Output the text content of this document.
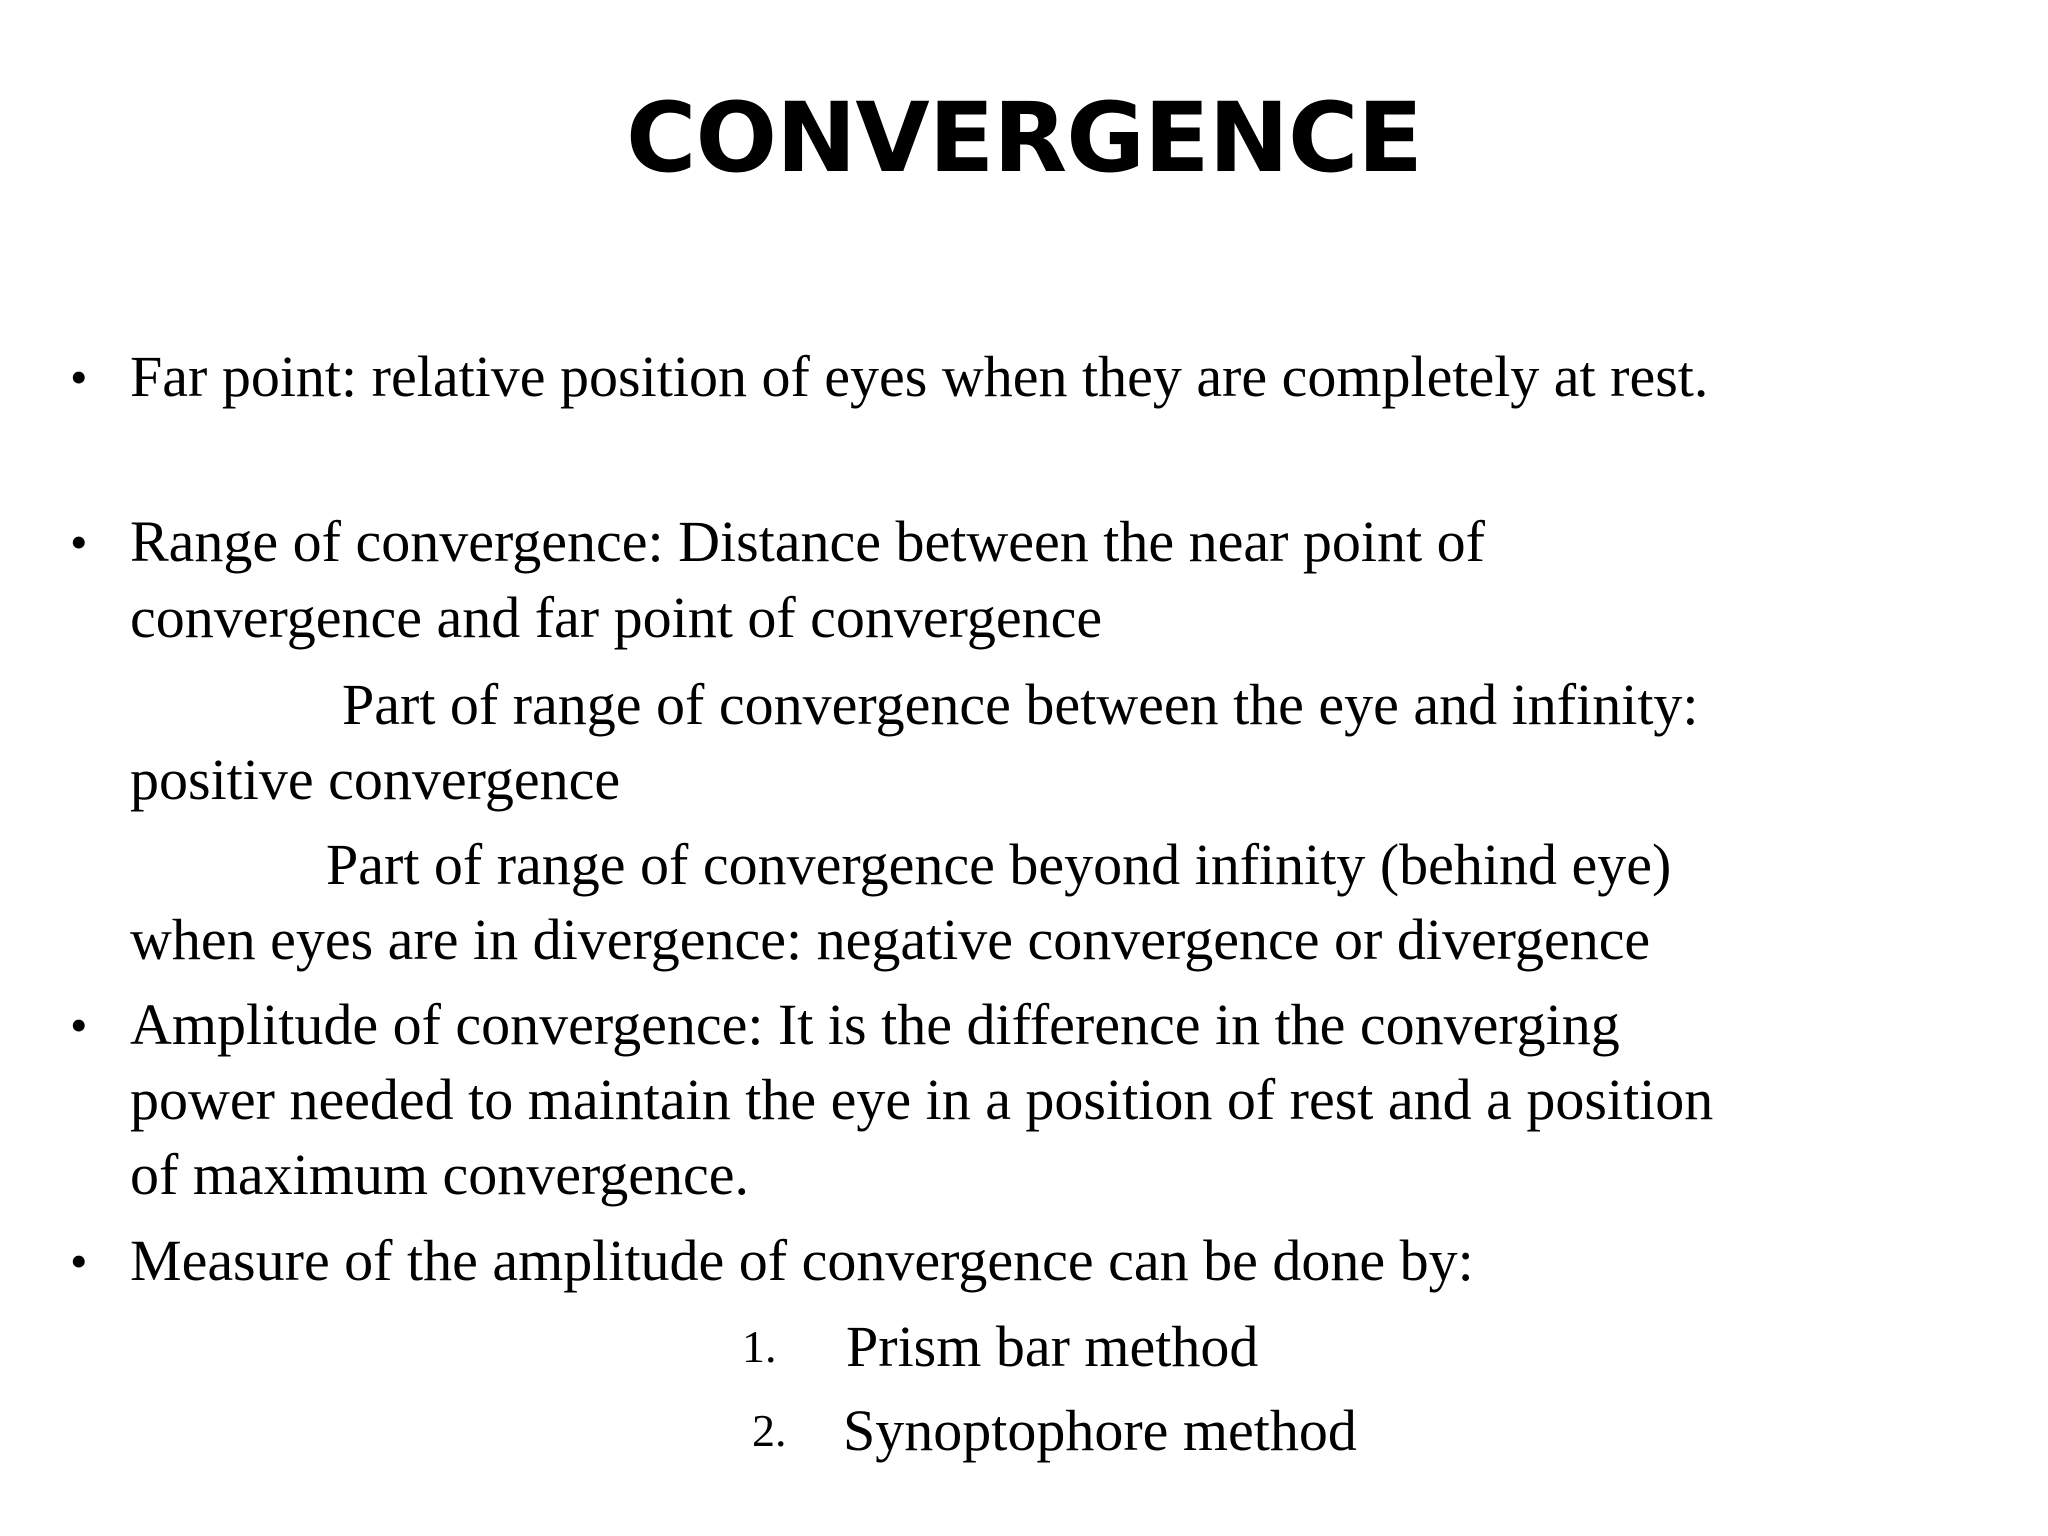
CONVERGENCE
• Far point: relative position of eyes when they are completely at rest.
• Range of convergence: Distance between the near point of
convergence and far point of convergence
Part of range of convergence between the eye and infinity:
positive convergence
Part of range of convergence beyond infinity (behind eye)
when eyes are in divergence: negative convergence or divergence
• Amplitude of convergence: It is the difference in the converging
power needed to maintain the eye in a position of rest and a position
of maximum convergence.
• Measure of the amplitude of convergence can be done by:
1. Prism bar method
2. Synoptophore method
